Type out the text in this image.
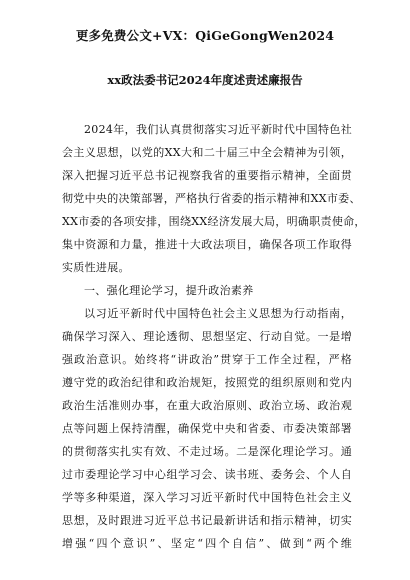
更多免费公文+VX：QiGeGongWen2024
xx政法委书记2024年度述责述廉报告
2024年，我们认真贯彻落实习近平新时代中国特色社
会主义思想，以党的XX大和二十届三中全会精神为引领，
深入把握习近平总书记视察我省的重要指示精神，全面贯
彻党中央的决策部署，严格执行省委的指示精神和XX市委、
XX市委的各项安排，围绕XX经济发展大局，明确职责使命，
集中资源和力量，推进十大政法项目，确保各项工作取得
实质性进展。
一、强化理论学习，提升政治素养
以习近平新时代中国特色社会主义思想为行动指南，
确保学习深入、理论透彻、思想坚定、行动自觉。一是增
强政治意识。始终将“讲政治”贯穿于工作全过程，严格
遵守党的政治纪律和政治规矩，按照党的组织原则和党内
政治生活准则办事，在重大政治原则、政治立场、政治观
点等问题上保持清醒，确保党中央和省委、市委决策部署
的贯彻落实扎实有效、不走过场。二是深化理论学习。通
过市委理论学习中心组学习会、读书班、委务会、个人自
学等多种渠道，深入学习习近平新时代中国特色社会主义
思想，及时跟进习近平总书记最新讲话和指示精神，切实
增强“四个意识”、坚定“四个自信”、做到“两个维
